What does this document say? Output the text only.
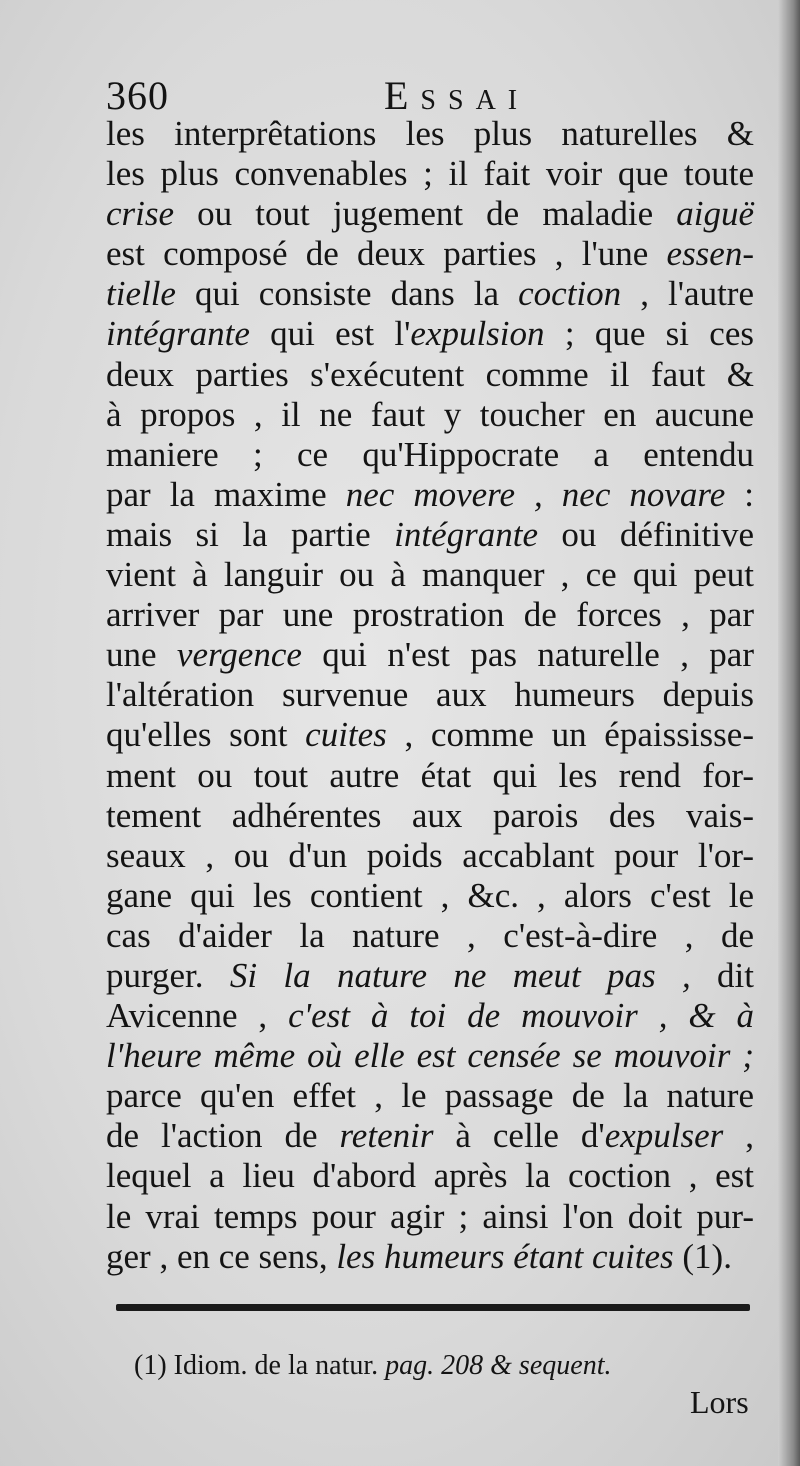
360	Essai
les interprêtations les plus naturelles &
les plus convenables ; il fait voir que toute
crise ou tout jugement de maladie aiguë
est composé de deux parties , l'une essen-
tielle qui consiste dans la coction , l'autre
intégrante qui est l'expulsion ; que si ces
deux parties s'exécutent comme il faut &
à propos , il ne faut y toucher en aucune
maniere ; ce qu'Hippocrate a entendu
par la maxime nec movere , nec novare :
mais si la partie intégrante ou définitive
vient à languir ou à manquer , ce qui peut
arriver par une prostration de forces , par
une vergence qui n'est pas naturelle , par
l'altération survenue aux humeurs depuis
qu'elles sont cuites , comme un épaississe-
ment ou tout autre état qui les rend for-
tement adhérentes aux parois des vais-
seaux , ou d'un poids accablant pour l'or-
gane qui les contient , &c. , alors c'est le
cas d'aider la nature , c'est-à-dire , de
purger. Si la nature ne meut pas , dit
Avicenne , c'est à toi de mouvoir , & à
l'heure même où elle est censée se mouvoir ;
parce qu'en effet , le passage de la nature
de l'action de retenir à celle d'expulser ,
lequel a lieu d'abord après la coction , est
le vrai temps pour agir ; ainsi l'on doit pur-
ger , en ce sens, les humeurs étant cuites (1).
(1) Idiom. de la natur. pag. 208 & sequent.
Lors
